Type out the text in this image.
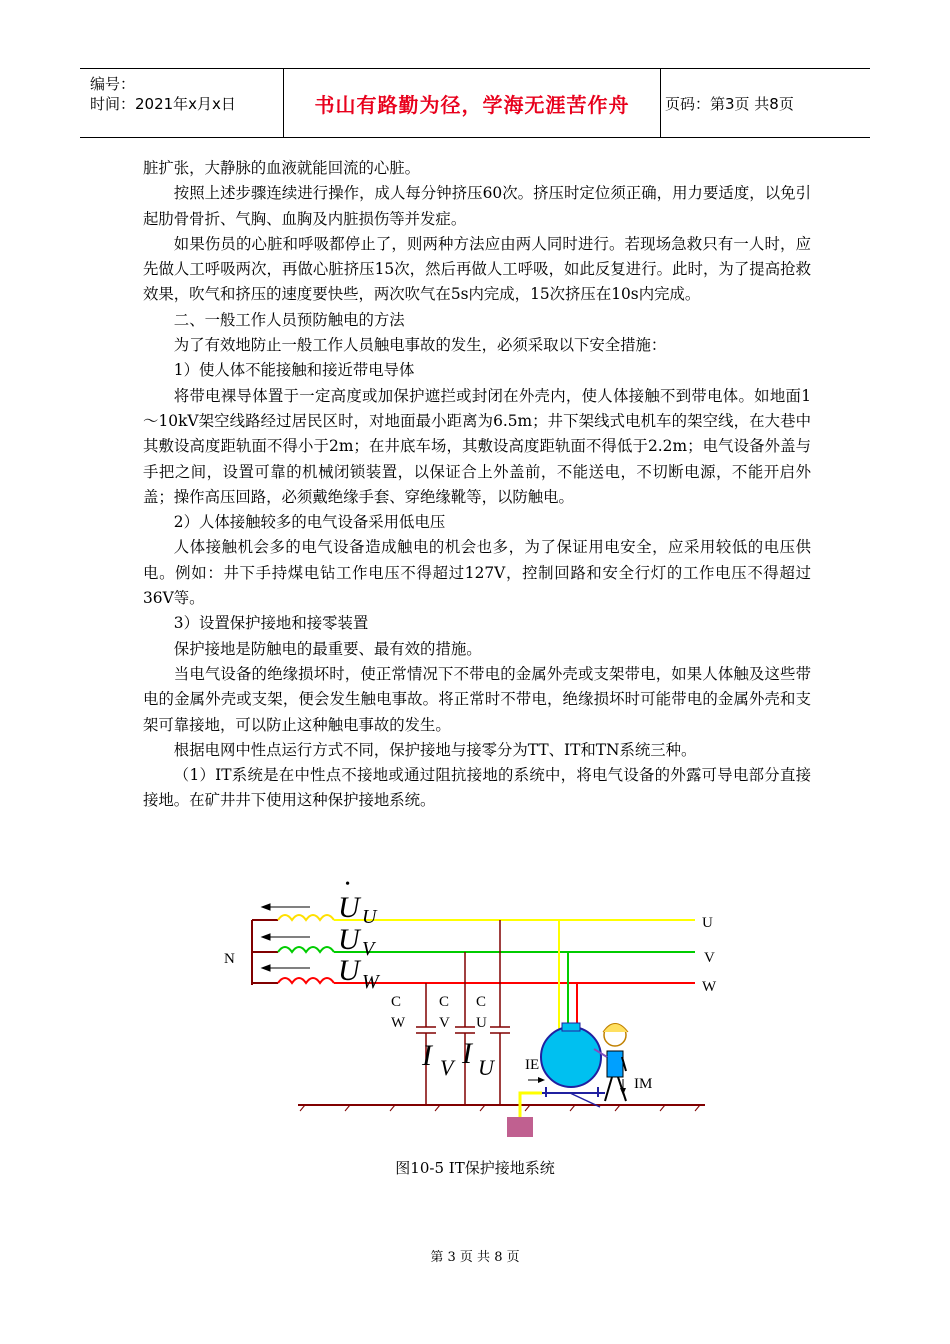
编号：
时间：2021年x月x日	书山有路勤为径，学海无涯苦作舟	页码：第3页 共8页

脏扩张，大静脉的血液就能回流的心脏。

按照上述步骤连续进行操作，成人每分钟挤压60次。挤压时定位须正确，用力要适度，以免引起肋骨骨折、气胸、血胸及内脏损伤等并发症。

如果伤员的心脏和呼吸都停止了，则两种方法应由两人同时进行。若现场急救只有一人时，应先做人工呼吸两次，再做心脏挤压15次，然后再做人工呼吸，如此反复进行。此时，为了提高抢救效果，吹气和挤压的速度要快些，两次吹气在5s内完成，15次挤压在10s内完成。

二、一般工作人员预防触电的方法

为了有效地防止一般工作人员触电事故的发生，必须采取以下安全措施：

1）使人体不能接触和接近带电导体

将带电裸导体置于一定高度或加保护遮拦或封闭在外壳内，使人体接触不到带电体。如地面1～10kV架空线路经过居民区时，对地面最小距离为6.5m；井下架线式电机车的架空线，在大巷中其敷设高度距轨面不得小于2m；在井底车场，其敷设高度距轨面不得低于2.2m；电气设备外盖与手把之间，设置可靠的机械闭锁装置，以保证合上外盖前，不能送电，不切断电源，不能开启外盖；操作高压回路，必须戴绝缘手套、穿绝缘靴等，以防触电。

2）人体接触较多的电气设备采用低电压

人体接触机会多的电气设备造成触电的机会也多，为了保证用电安全，应采用较低的电压供电。例如：井下手持煤电钻工作电压不得超过127V，控制回路和安全行灯的工作电压不得超过36V等。

3）设置保护接地和接零装置

保护接地是防触电的最重要、最有效的措施。

当电气设备的绝缘损坏时，使正常情况下不带电的金属外壳或支架带电，如果人体触及这些带电的金属外壳或支架，便会发生触电事故。将正常时不带电，绝缘损坏时可能带电的金属外壳和支架可靠接地，可以防止这种触电事故的发生。

根据电网中性点运行方式不同，保护接地与接零分为TT、IT和TN系统三种。

（1）IT系统是在中性点不接地或通过阻抗接地的系统中，将电气设备的外露可导电部分直接接地。在矿井井下使用这种保护接地系统。

N
•
U U
U V
U W
U
V
W
C
W
C
V
C
U
I V I U IE
IM
图10-5 IT保护接地系统
第 3 页 共 8 页
